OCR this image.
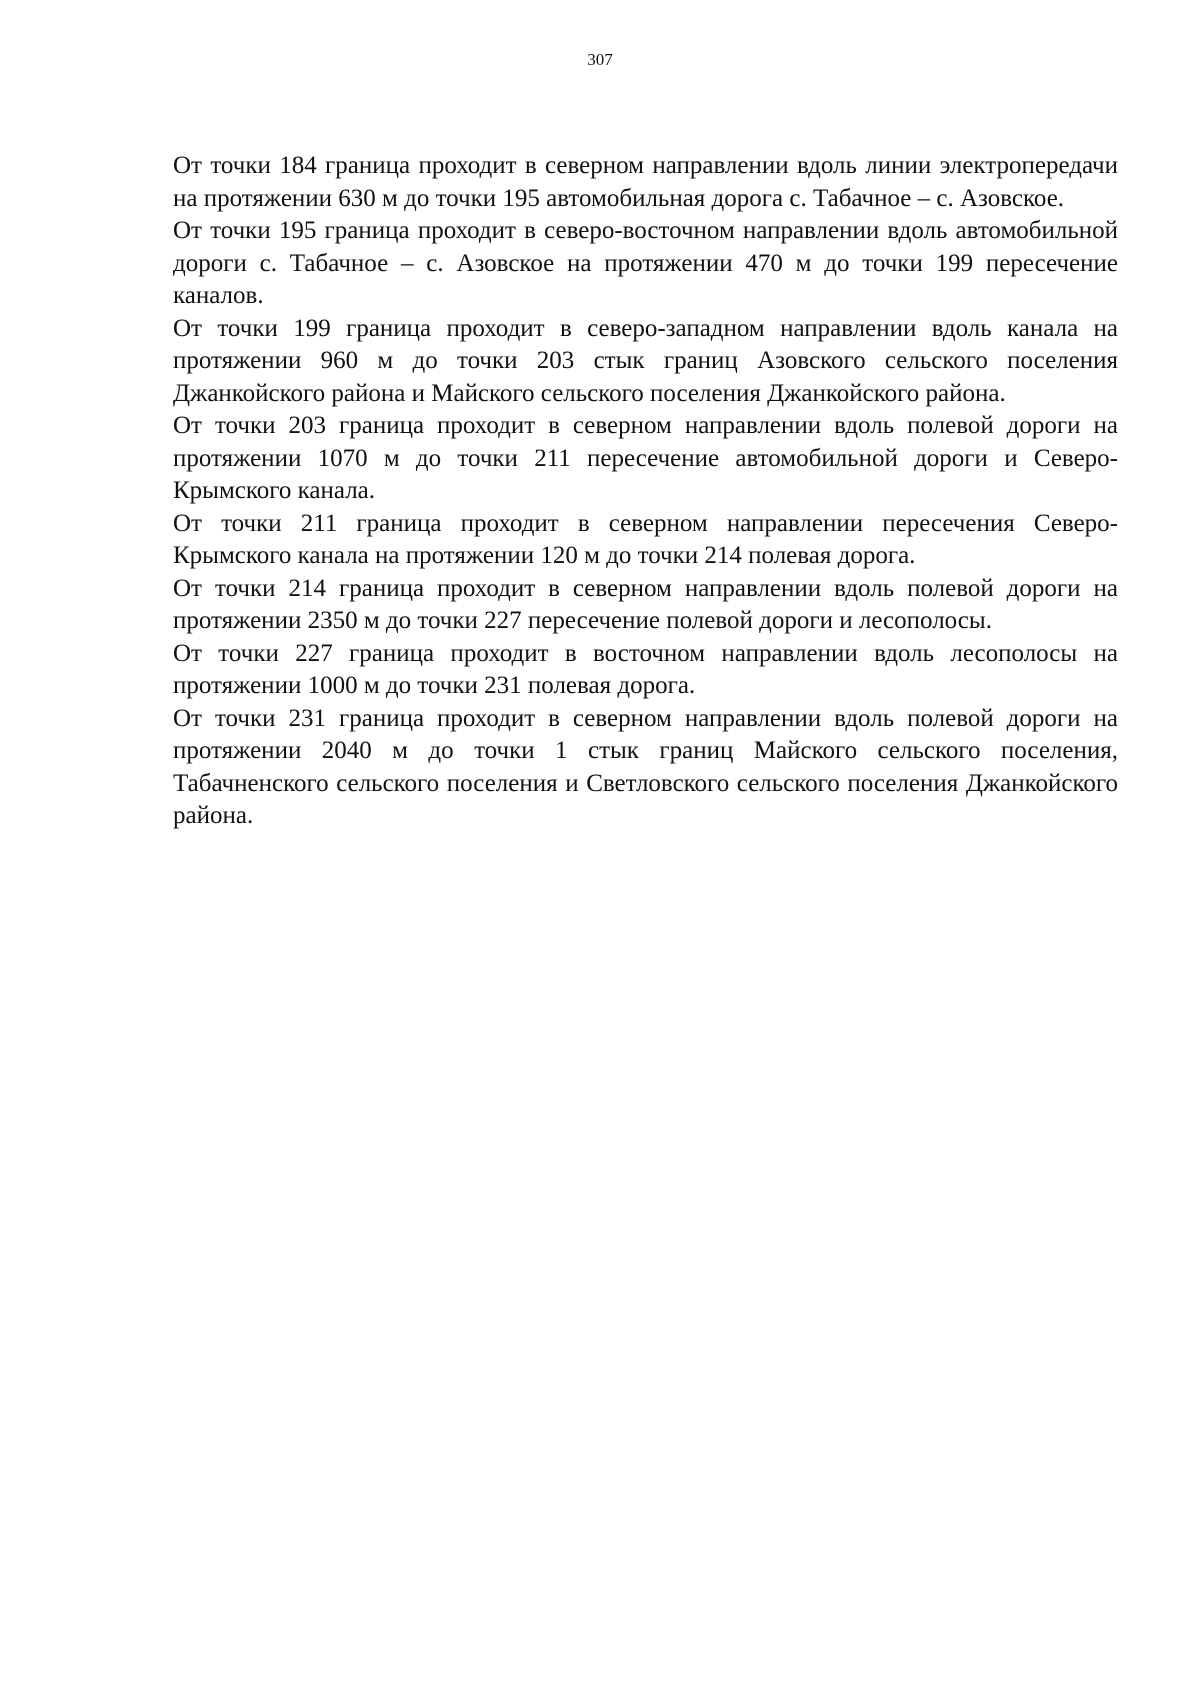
307

От точки 184 граница проходит в северном направлении вдоль линии электропередачи на протяжении 630 м до точки 195 автомобильная дорога с. Табачное – с. Азовское.

От точки 195 граница проходит в северо-восточном направлении вдоль автомобильной дороги с. Табачное – с. Азовское на протяжении 470 м до точки 199 пересечение каналов.

От точки 199 граница проходит в северо-западном направлении вдоль канала на протяжении 960 м до точки 203 стык границ Азовского сельского поселения Джанкойского района и Майского сельского поселения Джанкойского района.

От точки 203 граница проходит в северном направлении вдоль полевой дороги на протяжении 1070 м до точки 211 пересечение автомобильной дороги и Северо-Крымского канала.

От точки 211 граница проходит в северном направлении пересечения Северо-Крымского канала на протяжении 120 м до точки 214 полевая дорога.

От точки 214 граница проходит в северном направлении вдоль полевой дороги на протяжении 2350 м до точки 227 пересечение полевой дороги и лесополосы.

От точки 227 граница проходит в восточном направлении вдоль лесополосы на протяжении 1000 м до точки 231 полевая дорога.

От точки 231 граница проходит в северном направлении вдоль полевой дороги на протяжении 2040 м до точки 1 стык границ Майского сельского поселения, Табачненского сельского поселения и Светловского сельского поселения Джанкойского района.
